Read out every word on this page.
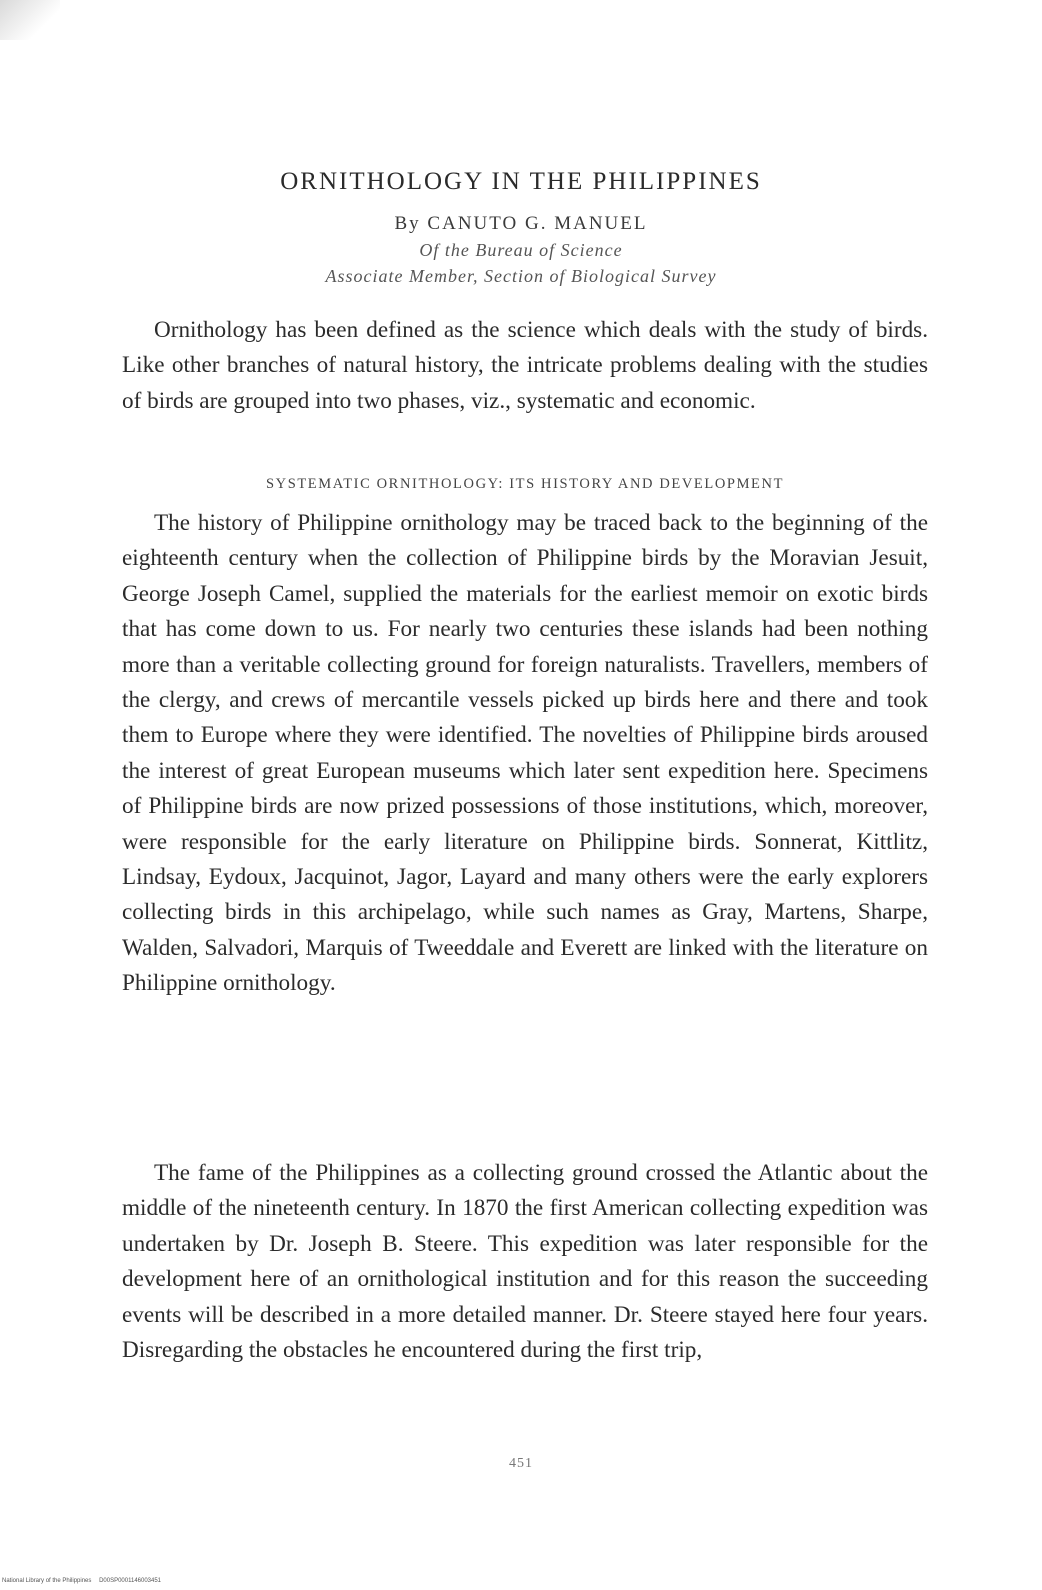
ORNITHOLOGY IN THE PHILIPPINES
By CANUTO G. MANUEL
Of the Bureau of Science
Associate Member, Section of Biological Survey

Ornithology has been defined as the science which deals with the study of birds. Like other branches of natural history, the intricate problems dealing with the studies of birds are grouped into two phases, viz., systematic and economic.

SYSTEMATIC ORNITHOLOGY: ITS HISTORY AND DEVELOPMENT

The history of Philippine ornithology may be traced back to the beginning of the eighteenth century when the collection of Philippine birds by the Moravian Jesuit, George Joseph Camel, supplied the materials for the earliest memoir on exotic birds that has come down to us. For nearly two centuries these islands had been nothing more than a veritable collecting ground for foreign naturalists. Travellers, members of the clergy, and crews of mercantile vessels picked up birds here and there and took them to Europe where they were identified. The novelties of Philippine birds aroused the interest of great European museums which later sent expedition here. Specimens of Philippine birds are now prized possessions of those institutions, which, moreover, were responsible for the early literature on Philippine birds. Sonnerat, Kittlitz, Lindsay, Eydoux, Jacquinot, Jagor, Layard and many others were the early explorers collecting birds in this archipelago, while such names as Gray, Martens, Sharpe, Walden, Salvadori, Marquis of Tweeddale and Everett are linked with the literature on Philippine ornithology.

The fame of the Philippines as a collecting ground crossed the Atlantic about the middle of the nineteenth century. In 1870 the first American collecting expedition was undertaken by Dr. Joseph B. Steere. This expedition was later responsible for the development here of an ornithological institution and for this reason the succeeding events will be described in a more detailed manner. Dr. Steere stayed here four years. Disregarding the obstacles he encountered during the first trip,

451
National Library of the Philippines D00SP0001146003451
